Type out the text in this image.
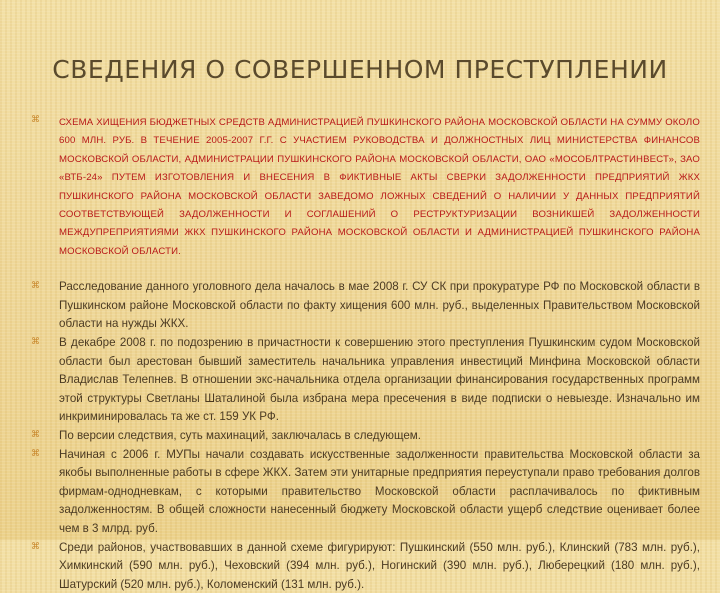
СВЕДЕНИЯ О СОВЕРШЕННОМ ПРЕСТУПЛЕНИИ
⌘ СХЕМА ХИЩЕНИЯ БЮДЖЕТНЫХ СРЕДСТВ АДМИНИСТРАЦИЕЙ ПУШКИНСКОГО РАЙОНА МОСКОВСКОЙ ОБЛАСТИ НА СУММУ ОКОЛО 600 МЛН. РУБ. В ТЕЧЕНИЕ 2005-2007 Г.Г. С УЧАСТИЕМ РУКОВОДСТВА И ДОЛЖНОСТНЫХ ЛИЦ МИНИСТЕРСТВА ФИНАНСОВ МОСКОВСКОЙ ОБЛАСТИ, АДМИНИСТРАЦИИ ПУШКИНСКОГО РАЙОНА МОСКОВСКОЙ ОБЛАСТИ, ОАО «МОСОБЛТРАСТИНВЕСТ», ЗАО «ВТБ-24» ПУТЕМ ИЗГОТОВЛЕНИЯ И ВНЕСЕНИЯ В ФИКТИВНЫЕ АКТЫ СВЕРКИ ЗАДОЛЖЕННОСТИ ПРЕДПРИЯТИЙ ЖКХ ПУШКИНСКОГО РАЙОНА МОСКОВСКОЙ ОБЛАСТИ ЗАВЕДОМО ЛОЖНЫХ СВЕДЕНИЙ О НАЛИЧИИ У ДАННЫХ ПРЕДПРИЯТИЙ СООТВЕТСТВУЮЩЕЙ ЗАДОЛЖЕННОСТИ И СОГЛАШЕНИЙ О РЕСТРУКТУРИЗАЦИИ ВОЗНИКШЕЙ ЗАДОЛЖЕННОСТИ МЕЖДУПРЕПРИЯТИЯМИ ЖКХ ПУШКИНСКОГО РАЙОНА МОСКОВСКОЙ ОБЛАСТИ И АДМИНИСТРАЦИЕЙ ПУШКИНСКОГО РАЙОНА МОСКОВСКОЙ ОБЛАСТИ.
⌘ Расследование данного уголовного дела началось в мае 2008 г. СУ СК при прокуратуре РФ по Московской области в Пушкинском районе Московской области по факту хищения 600 млн. руб., выделенных Правительством Московской области на нужды ЖКХ.
⌘ В декабре 2008 г. по подозрению в причастности к совершению этого преступления Пушкинским судом Московской области был арестован бывший заместитель начальника управления инвестиций Минфина Московской области Владислав Телепнев. В отношении экс-начальника отдела организации финансирования государственных программ этой структуры Светланы Шаталиной была избрана мера пресечения в виде подписки о невыезде. Изначально им инкриминировалась та же ст. 159 УК РФ.
⌘ По версии следствия, суть махинаций, заключалась в следующем.
⌘ Начиная с 2006 г. МУПы начали создавать искусственные задолженности правительства Московской области за якобы выполненные работы в сфере ЖКХ. Затем эти унитарные предприятия переуступали право требования долгов фирмам-однодневкам, с которыми правительство Московской области расплачивалось по фиктивным задолженностям. В общей сложности нанесенный бюджету Московской области ущерб следствие оценивает более чем в 3 млрд. руб.
⌘ Среди районов, участвовавших в данной схеме фигурируют: Пушкинский (550 млн. руб.), Клинский (783 млн. руб.), Химкинский (590 млн. руб.), Чеховский (394 млн. руб.), Ногинский (390 млн. руб.), Люберецкий (180 млн. руб.), Шатурский (520 млн. руб.), Коломенский (131 млн. руб.).
